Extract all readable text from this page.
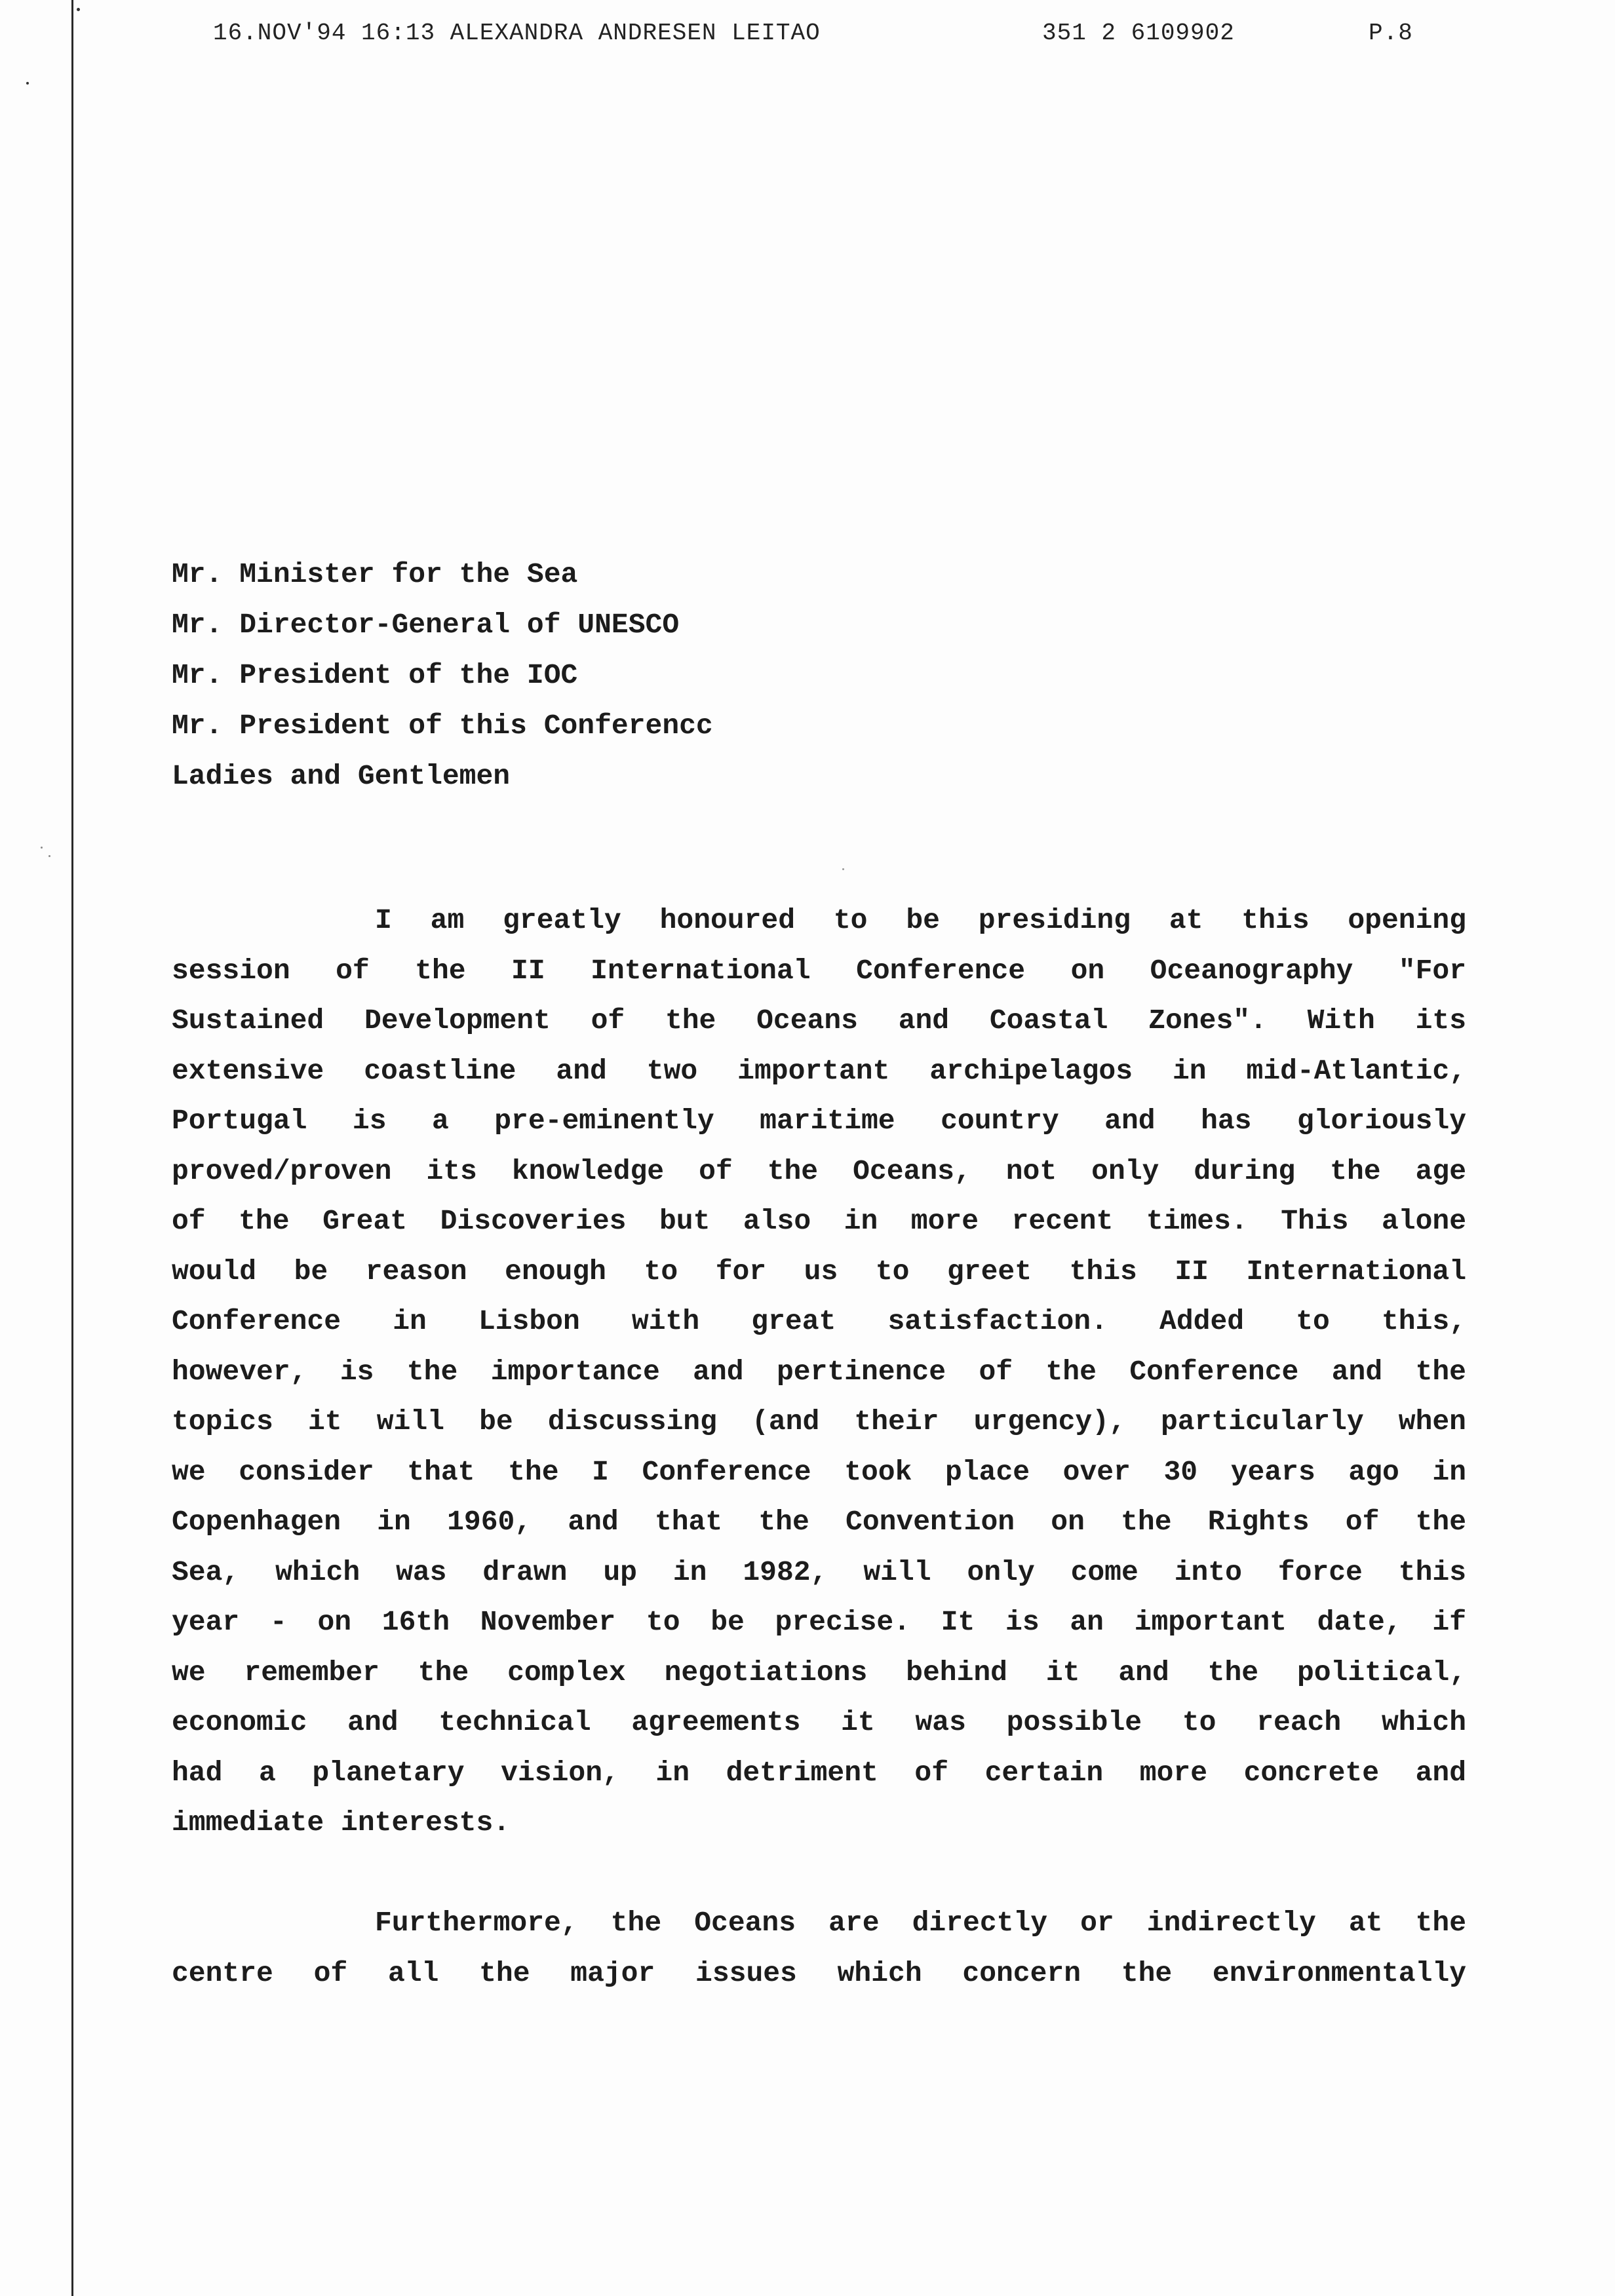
16.NOV'94 16:13 ALEXANDRA ANDRESEN LEITAO	351 2 6109902	P.8
Mr. Minister for the Sea
Mr. Director-General of UNESCO
Mr. President of the IOC
Mr. President of this Conferencc
Ladies and Gentlemen
I am greatly honoured to be presiding at this opening
session of the II International Conference on Oceanography "For
Sustained Development of the Oceans and Coastal Zones". With its
extensive coastline and two important archipelagos in mid-Atlantic,
Portugal is a pre-eminently maritime country and has gloriously
proved/proven its knowledge of the Oceans, not only during the age
of the Great Discoveries but also in more recent times. This alone
would be reason enough to for us to greet this II International
Conference in Lisbon with great satisfaction. Added to this,
however, is the importance and pertinence of the Conference and the
topics it will be discussing (and their urgency), particularly when
we consider that the I Conference took place over 30 years ago in
Copenhagen in 1960, and that the Convention on the Rights of the
Sea, which was drawn up in 1982, will only come into force this
year - on 16th November to be precise. It is an important date, if
we remember the complex negotiations behind it and the political,
economic and technical agreements it was possible to reach which
had a planetary vision, in detriment of certain more concrete and
immediate interests.
Furthermore, the Oceans are directly or indirectly at the
centre of all the major issues which concern the environmentally
